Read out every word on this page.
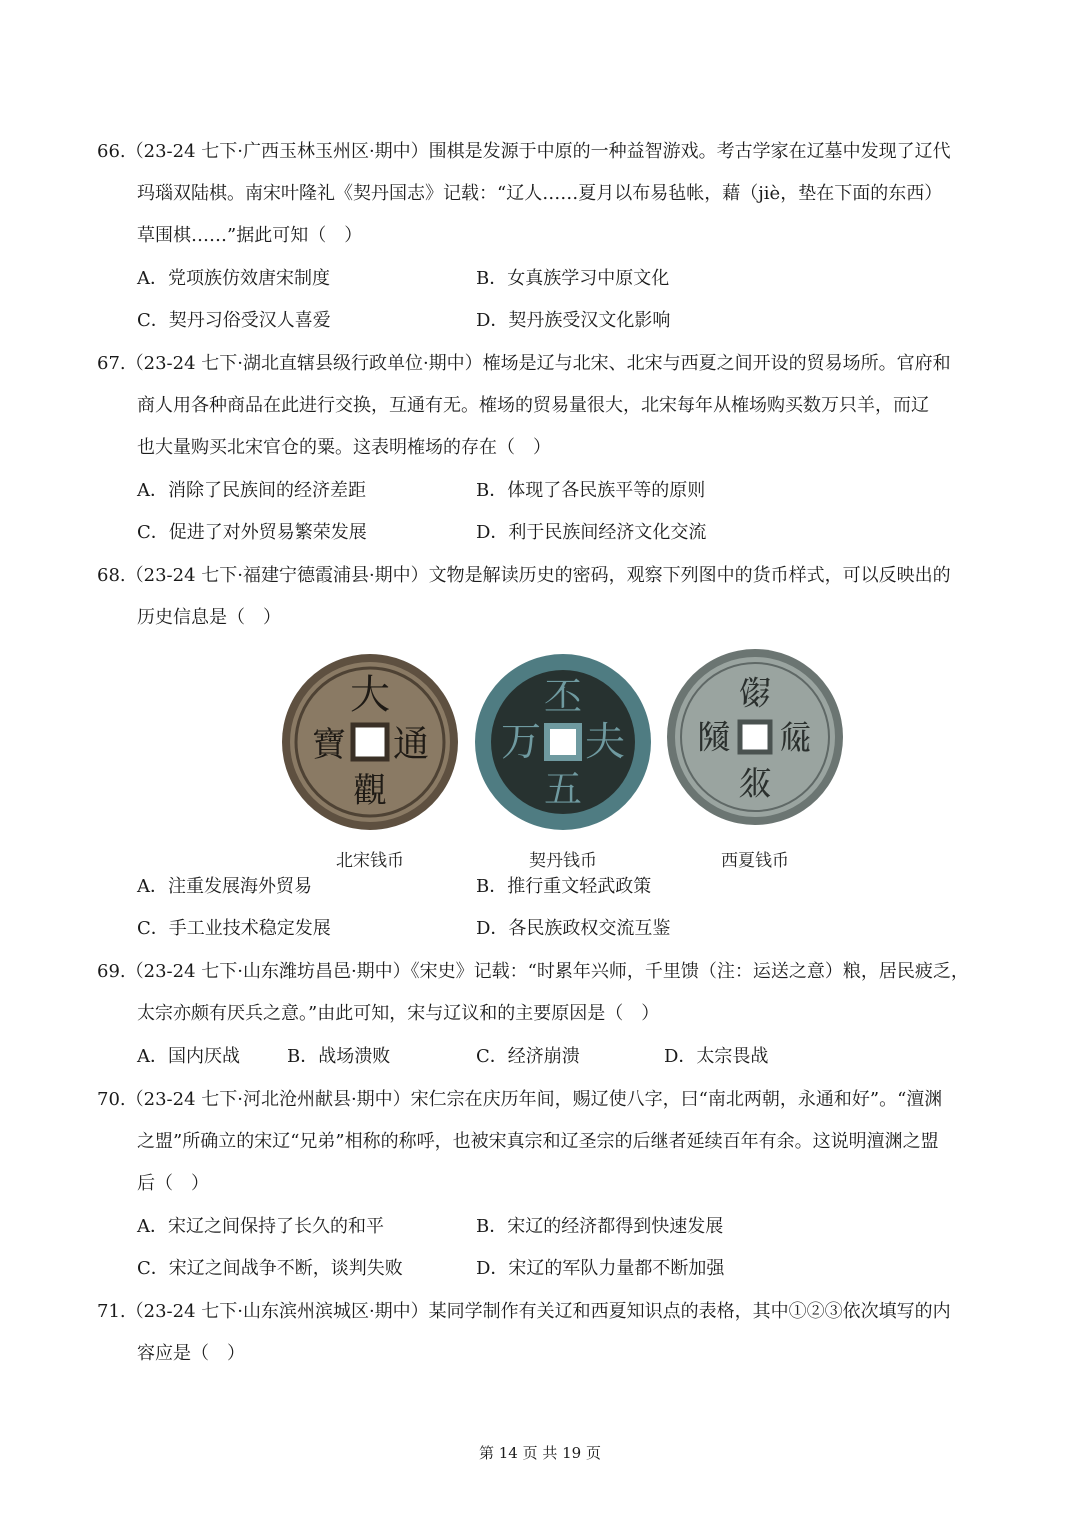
66.（23-24 七下·广西玉林玉州区·期中）围棋是发源于中原的一种益智游戏。考古学家在辽墓中发现了辽代
玛瑙双陆棋。南宋叶隆礼《契丹国志》记载：“辽人……夏月以布易毡帐，藉（jiè，垫在下面的东西）
草围棋……”据此可知（　）
A．党项族仿效唐宋制度	B．女真族学习中原文化
C．契丹习俗受汉人喜爱	D．契丹族受汉文化影响
67.（23-24 七下·湖北直辖县级行政单位·期中）榷场是辽与北宋、北宋与西夏之间开设的贸易场所。官府和
商人用各种商品在此进行交换，互通有无。榷场的贸易量很大，北宋每年从榷场购买数万只羊，而辽
也大量购买北宋官仓的粟。这表明榷场的存在（　）
A．消除了民族间的经济差距	B．体现了各民族平等的原则
C．促进了对外贸易繁荣发展	D．利于民族间经济文化交流
68.（23-24 七下·福建宁德霞浦县·期中）文物是解读历史的密码，观察下列图中的货币样式，可以反映出的
历史信息是（　）
大
通
觀
寶
北宋钱币
丕
夫
五
万
契丹钱币
𗃮
𗏁
𗼇
𗂧
西夏钱币
A．注重发展海外贸易	B．推行重文轻武政策
C．手工业技术稳定发展	D．各民族政权交流互鉴
69.（23-24 七下·山东潍坊昌邑·期中）《宋史》记载：“时累年兴师，千里馈（注：运送之意）粮，居民疲乏，
太宗亦颇有厌兵之意。”由此可知，宋与辽议和的主要原因是（　）
A．国内厌战	B．战场溃败	C．经济崩溃	D．太宗畏战
70.（23-24 七下·河北沧州献县·期中）宋仁宗在庆历年间，赐辽使八字，曰“南北两朝，永通和好”。“澶渊
之盟”所确立的宋辽“兄弟”相称的称呼，也被宋真宗和辽圣宗的后继者延续百年有余。这说明澶渊之盟
后（　）
A．宋辽之间保持了长久的和平	B．宋辽的经济都得到快速发展
C．宋辽之间战争不断，谈判失败	D．宋辽的军队力量都不断加强
71.（23-24 七下·山东滨州滨城区·期中）某同学制作有关辽和西夏知识点的表格，其中①②③依次填写的内
容应是（　）
第 14 页 共 19 页
